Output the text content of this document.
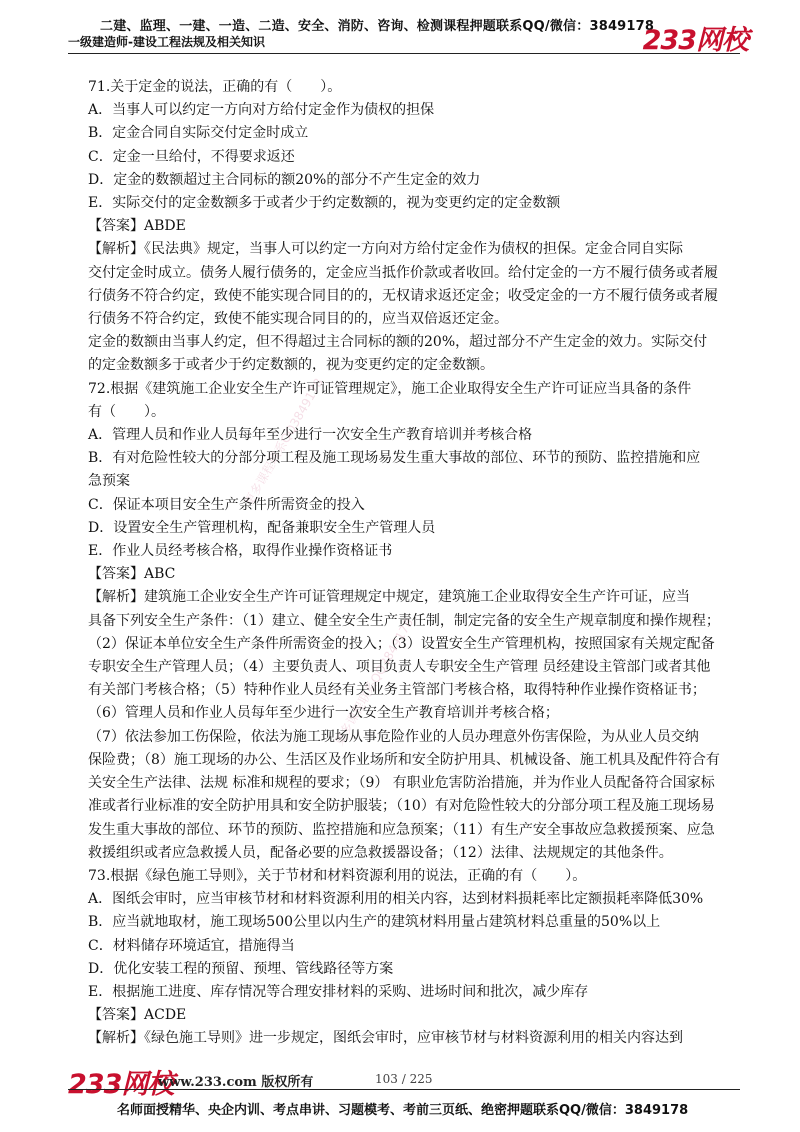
二建、监理、一建、一造、二造、安全、消防、咨询、检测课程押题联系QQ/微信：3849178
一级建造师-建设工程法规及相关知识	233网校
更多课程联系QQ3849178
更多课程联系QQ3849178

71.关于定金的说法，正确的有（　　）。

A．当事人可以约定一方向对方给付定金作为债权的担保

B．定金合同自实际交付定金时成立

C．定金一旦给付，不得要求返还

D．定金的数额超过主合同标的额20%的部分不产生定金的效力

E．实际交付的定金数额多于或者少于约定数额的，视为变更约定的定金数额

【答案】ABDE

【解析】《民法典》规定，当事人可以约定一方向对方给付定金作为债权的担保。定金合同自实际

交付定金时成立。债务人履行债务的，定金应当抵作价款或者收回。给付定金的一方不履行债务或者履

行债务不符合约定，致使不能实现合同目的的，无权请求返还定金；收受定金的一方不履行债务或者履

行债务不符合约定，致使不能实现合同目的的，应当双倍返还定金。

定金的数额由当事人约定，但不得超过主合同标的额的20%，超过部分不产生定金的效力。实际交付

的定金数额多于或者少于约定数额的，视为变更约定的定金数额。

72.根据《建筑施工企业安全生产许可证管理规定》，施工企业取得安全生产许可证应当具备的条件

有（　　）。

A．管理人员和作业人员每年至少进行一次安全生产教育培训并考核合格

B．有对危险性较大的分部分项工程及施工现场易发生重大事故的部位、环节的预防、监控措施和应

急预案

C．保证本项目安全生产条件所需资金的投入

D．设置安全生产管理机构，配备兼职安全生产管理人员

E．作业人员经考核合格，取得作业操作资格证书

【答案】ABC

【解析】建筑施工企业安全生产许可证管理规定中规定，建筑施工企业取得安全生产许可证，应当

具备下列安全生产条件：（1）建立、健全安全生产责任制，制定完备的安全生产规章制度和操作规程；

（2）保证本单位安全生产条件所需资金的投入；（3）设置安全生产管理机构，按照国家有关规定配备

专职安全生产管理人员；（4）主要负责人、项目负责人专职安全生产管理 员经建设主管部门或者其他

有关部门考核合格；（5）特种作业人员经有关业务主管部门考核合格，取得特种作业操作资格证书；

（6）管理人员和作业人员每年至少进行一次安全生产教育培训并考核合格；

（7）依法参加工伤保险，依法为施工现场从事危险作业的人员办理意外伤害保险，为从业人员交纳

保险费；（8）施工现场的办公、生活区及作业场所和安全防护用具、机械设备、施工机具及配件符合有

关安全生产法律、法规 标准和规程的要求；（9） 有职业危害防治措施，并为作业人员配备符合国家标

准或者行业标准的安全防护用具和安全防护服装；（10）有对危险性较大的分部分项工程及施工现场易

发生重大事故的部位、环节的预防、监控措施和应急预案；（11）有生产安全事故应急救援预案、应急

救援组织或者应急救援人员，配备必要的应急救援器设备；（12）法律、法规规定的其他条件。

73.根据《绿色施工导则》，关于节材和材料资源利用的说法，正确的有（　　）。

A．图纸会审时，应当审核节材和材料资源利用的相关内容，达到材料损耗率比定额损耗率降低30%

B．应当就地取材，施工现场500公里以内生产的建筑材料用量占建筑材料总重量的50%以上

C．材料储存环境适宜，措施得当

D．优化安装工程的预留、预埋、管线路径等方案

E．根据施工进度、库存情况等合理安排材料的采购、进场时间和批次，减少库存

【答案】ACDE

【解析】《绿色施工导则》进一步规定，图纸会审时，应审核节材与材料资源利用的相关内容达到

233网校
www.233.com 版权所有	103 / 225
名师面授精华、央企内训、考点串讲、习题模考、考前三页纸、绝密押题联系QQ/微信：3849178
